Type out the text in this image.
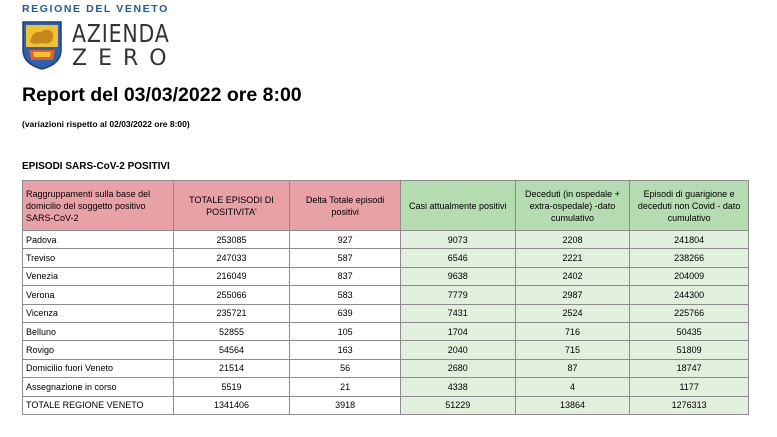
REGIONE DEL VENETO
AZIENDA
ZERO
Report del 03/03/2022 ore 8:00
(variazioni rispetto al 02/03/2022 ore 8:00)
EPISODI SARS-CoV-2 POSITIVI
Raggruppamenti sulla base del domicilio del soggetto positivo SARS-CoV-2	TOTALE EPISODI DI POSITIVITA'	Delta Totale episodi positivi	Casi attualmente positivi	Deceduti (in ospedale + extra-ospedale) -dato cumulativo	Episodi di guarigione e deceduti non Covid - dato cumulativo
Padova	253085	927	9073	2208	241804
Treviso	247033	587	6546	2221	238266
Venezia	216049	837	9638	2402	204009
Verona	255066	583	7779	2987	244300
Vicenza	235721	639	7431	2524	225766
Belluno	52855	105	1704	716	50435
Rovigo	54564	163	2040	715	51809
Domicilio fuori Veneto	21514	56	2680	87	18747
Assegnazione in corso	5519	21	4338	4	1177
TOTALE REGIONE VENETO	1341406	3918	51229	13864	1276313
